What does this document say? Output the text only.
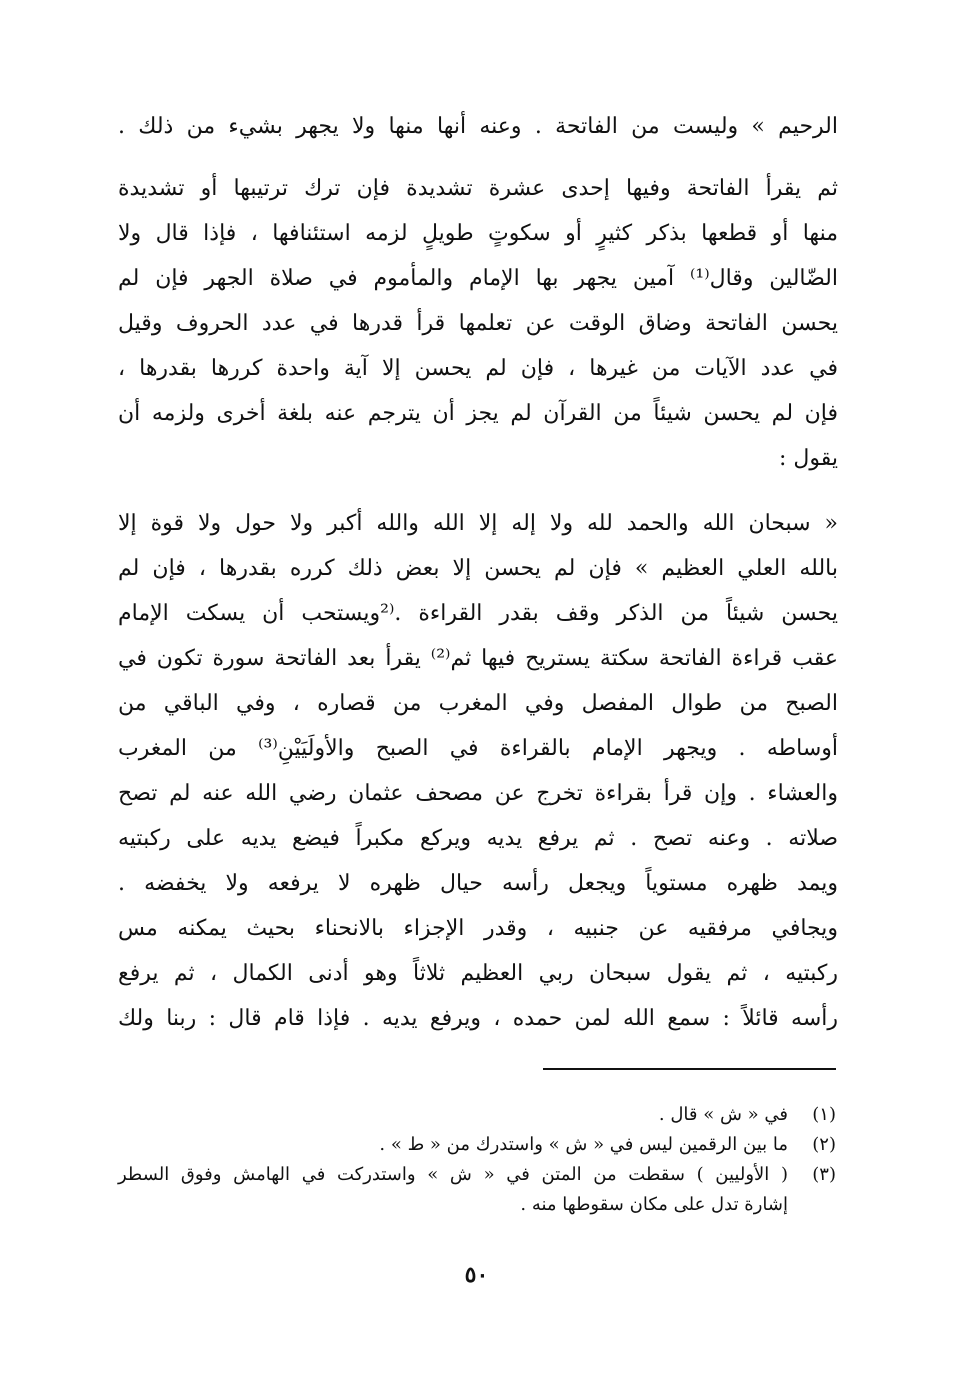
الرحيم » وليست من الفاتحة . وعنه أنها منها ولا يجهر بشيء من ذلك .
ثم يقرأ الفاتحة وفيها إحدى عشرة تشديدة فإن ترك ترتيبها أو تشديدة
منها أو قطعها بذكر كثيرٍ أو سكوتٍ طويلٍ لزمه استئنافها ، فإذا قال ولا
الضّالين وقال⁽¹⁾ آمين يجهر بها الإمام والمأموم في صلاة الجهر فإن لم
يحسن الفاتحة وضاق الوقت عن تعلمها قرأ قدرها في عدد الحروف وقيل
في عدد الآيات من غيرها ، فإن لم يحسن إلا آية واحدة كررها بقدرها ،
فإن لم يحسن شيئاً من القرآن لم يجز أن يترجم عنه بلغة أخرى ولزمه أن
يقول :
« سبحان الله والحمد لله ولا إله إلا الله والله أكبر ولا حول ولا قوة إلا
بالله العلي العظيم » فإن لم يحسن إلا بعض ذلك كرره بقدرها ، فإن لم
يحسن شيئاً من الذكر وقف بقدر القراءة .⁽²ويستحب أن يسكت الإمام
عقب قراءة الفاتحة سكتة يستريح فيها ثم⁽²⁾ يقرأ بعد الفاتحة سورة تكون في
الصبح من طوال المفصل وفي المغرب من قصاره ، وفي الباقي من
أوساطه . ويجهر الإمام بالقراءة في الصبح والأولَيَيْنِ⁽³⁾ من المغرب
والعشاء . وإن قرأ بقراءة تخرج عن مصحف عثمان رضي الله عنه لم تصح
صلاته . وعنه تصح . ثم يرفع يديه ويركع مكبراً فيضع يديه على ركبتيه
ويمد ظهره مستوياً ويجعل رأسه حيال ظهره لا يرفعه ولا يخفضه .
ويجافي مرفقيه عن جنبيه ، وقدر الإجزاء بالانحناء بحيث يمكنه مس
ركبتيه ، ثم يقول سبحان ربي العظيم ثلاثاً وهو أدنى الكمال ، ثم يرفع
رأسه قائلاً : سمع الله لمن حمده ، ويرفع يديه . فإذا قام قال : ربنا ولك
(١)
في « ش » قال .
(٢)
ما بين الرقمين ليس في « ش » واستدرك من « ط » .
(٣)
( الأوليين ) سقطت من المتن في « ش » واستدركت في الهامش وفوق السطر
إشارة تدل على مكان سقوطها منه .
٥٠
